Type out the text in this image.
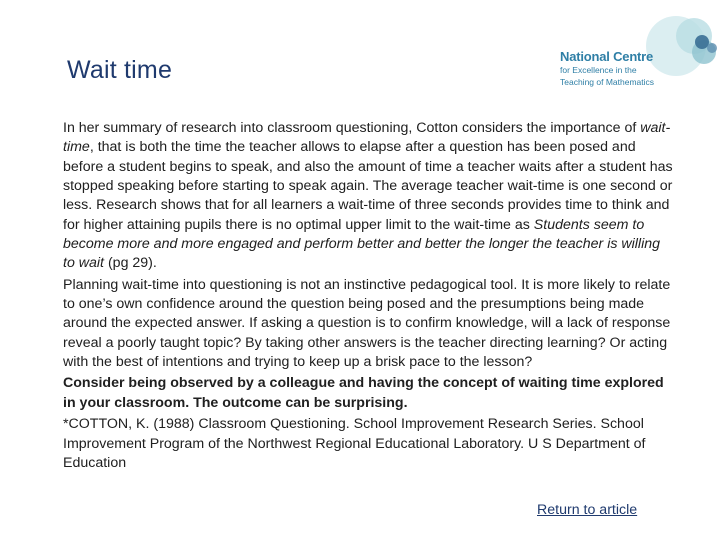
Wait time	National Centre
for Excellence in the
Teaching of Mathematics

In her summary of research into classroom questioning, Cotton considers the importance of wait-time, that is both the time the teacher allows to elapse after a question has been posed and before a student begins to speak, and also the amount of time a teacher waits after a student has stopped speaking before starting to speak again. The average teacher wait-time is one second or less. Research shows that for all learners a wait-time of three seconds provides time to think and for higher attaining pupils there is no optimal upper limit to the wait-time as Students seem to become more and more engaged and perform better and better the longer the teacher is willing to wait (pg 29).

Planning wait-time into questioning is not an instinctive pedagogical tool. It is more likely to relate to one’s own confidence around the question being posed and the presumptions being made around the expected answer. If asking a question is to confirm knowledge, will a lack of response reveal a poorly taught topic? By taking other answers is the teacher directing learning? Or acting with the best of intentions and trying to keep up a brisk pace to the lesson?

Consider being observed by a colleague and having the concept of waiting time explored in your classroom. The outcome can be surprising.

*COTTON, K. (1988) Classroom Questioning. School Improvement Research Series. School Improvement Program of the Northwest Regional Educational Laboratory. U S Department of Education

Return to article
